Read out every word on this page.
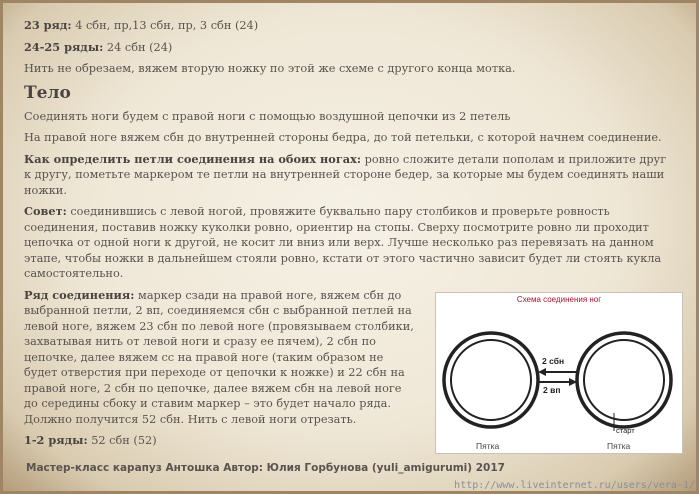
23 ряд: 4 сбн, пр,13 сбн, пр, 3 сбн (24)

24-25 ряды: 24 сбн (24)

Нить не обрезаем, вяжем вторую ножку по этой же схеме с другого конца мотка.

Тело

Соединять ноги будем с правой ноги с помощью воздушной цепочки из 2 петель

На правой ноге вяжем сбн до внутренней стороны бедра, до той петельки, с которой начнем соединение.

Как определить петли соединения на обоих ногах: ровно сложите детали пополам и приложите друг к другу, пометьте маркером те петли на внутренней стороне бедер, за которые мы будем соединять наши ножки.

Совет: соединившись с левой ногой, провяжите буквально пару столбиков и проверьте ровность соединения, поставив ножку куколки ровно, ориентир на стопы. Сверху посмотрите ровно ли проходит цепочка от одной ноги к другой, не косит ли вниз или верх. Лучше несколько раз перевязать на данном этапе, чтобы ножки в дальнейшем стояли ровно, кстати от этого частично зависит будет ли стоять кукла самостоятельно.

Ряд соединения: маркер сзади на правой ноге, вяжем сбн до выбранной петли, 2 вп, соединяемся сбн с выбранной петлей на левой ноге, вяжем 23 сбн по левой ноге (провязываем столбики, захватывая нить от левой ноги и сразу ее пячем), 2 сбн по цепочке, далее вяжем сс на правой ноге (таким образом не будет отверстия при переходе от цепочки к ножке) и 22 сбн на правой ноге, 2 сбн по цепочке, далее вяжем сбн на левой ноге до середины сбоку и ставим маркер – это будет начало ряда. Должно получится 52 сбн. Нить с левой ноги отрезать.

1-2 ряды: 52 сбн (52)

Схема соединения ног
2 сбн
2 вп
старт
Пятка	Пятка
Мастер-класс карапуз Антошка Автор: Юлия Горбунова (yuli_amigurumi) 2017
http://www.liveinternet.ru/users/vera-1/
